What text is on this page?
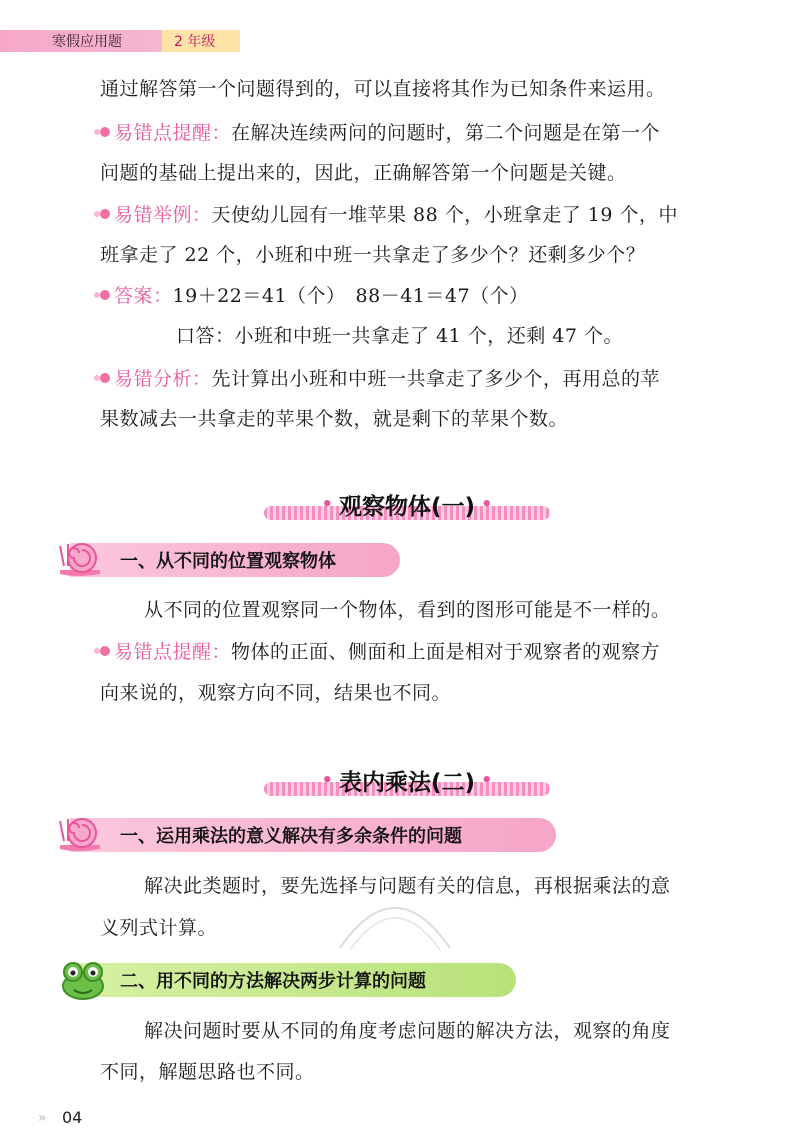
寒假应用题	2 年级
通过解答第一个问题得到的，可以直接将其作为已知条件来运用。
易错点提醒：在解决连续两问的问题时，第二个问题是在第一个
问题的基础上提出来的，因此，正确解答第一个问题是关键。
易错举例：天使幼儿园有一堆苹果 88 个，小班拿走了 19 个，中
班拿走了 22 个，小班和中班一共拿走了多少个？还剩多少个？
答案：19＋22＝41（个）　88－41＝47（个）
口答：小班和中班一共拿走了 41 个，还剩 47 个。
易错分析：先计算出小班和中班一共拿走了多少个，再用总的苹
果数减去一共拿走的苹果个数，就是剩下的苹果个数。
• 观察物体(一) •
一、从不同的位置观察物体
从不同的位置观察同一个物体，看到的图形可能是不一样的。
易错点提醒：物体的正面、侧面和上面是相对于观察者的观察方
向来说的，观察方向不同，结果也不同。
• 表内乘法(二) •
一、运用乘法的意义解决有多余条件的问题
解决此类题时，要先选择与问题有关的信息，再根据乘法的意
义列式计算。
二、用不同的方法解决两步计算的问题
解决问题时要从不同的角度考虑问题的解决方法，观察的角度
不同，解题思路也不同。
» 04
